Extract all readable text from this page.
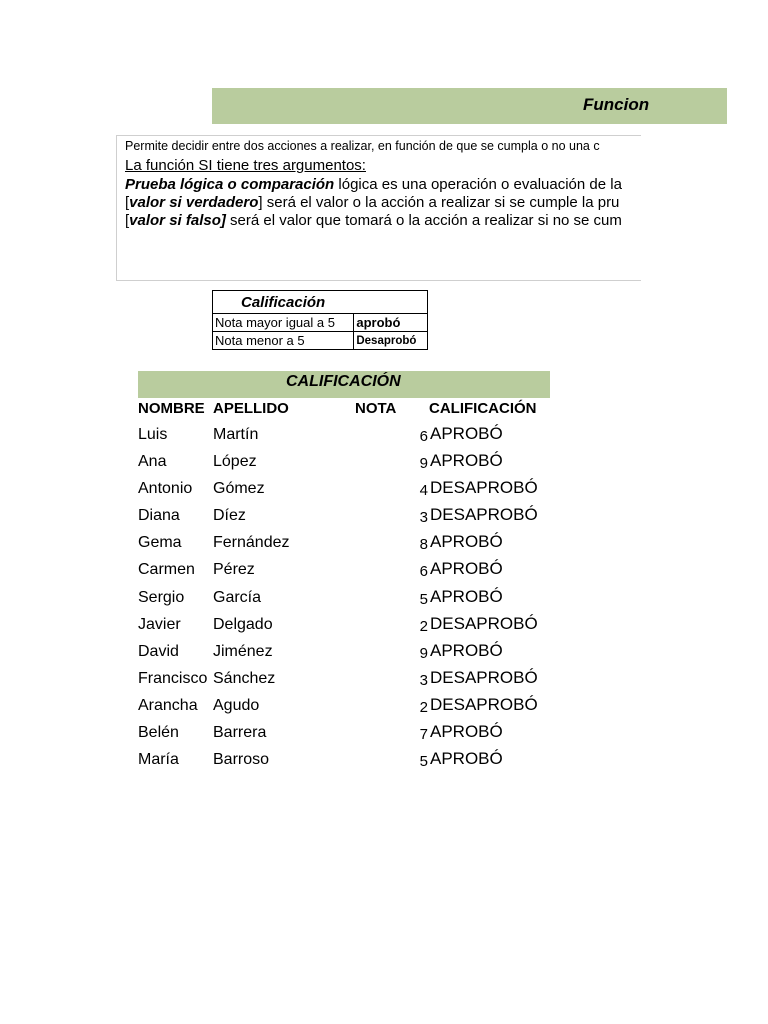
Funcion
Permite decidir entre dos acciones a realizar, en función de que se cumpla o no una c
La función SI tiene tres argumentos:
Prueba lógica o comparación lógica es una operación o evaluación de la
[valor si verdadero] será el valor o la acción a realizar si se cumple la pru
[valor si falso] será el valor que tomará o la acción a realizar si no se cum
Calificación	
Nota mayor igual a 5	aprobó
Nota menor a 5	Desaprobó
CALIFICACIÓN
NOMBRE APELLIDO	NOTA CALIFICACIÓN
Luis	Martín	6 APROBÓ
Ana	López	9 APROBÓ
Antonio Gómez	4 DESAPROBÓ
Diana Díez	3 DESAPROBÓ
Gema Fernández	8 APROBÓ
Carmen Pérez	6 APROBÓ
Sergio García	5 APROBÓ
Javier Delgado	2 DESAPROBÓ
David Jiménez	9 APROBÓ
Francisco Sánchez	3 DESAPROBÓ
Arancha Agudo	2 DESAPROBÓ
Belén Barrera	7 APROBÓ
María Barroso	5 APROBÓ
